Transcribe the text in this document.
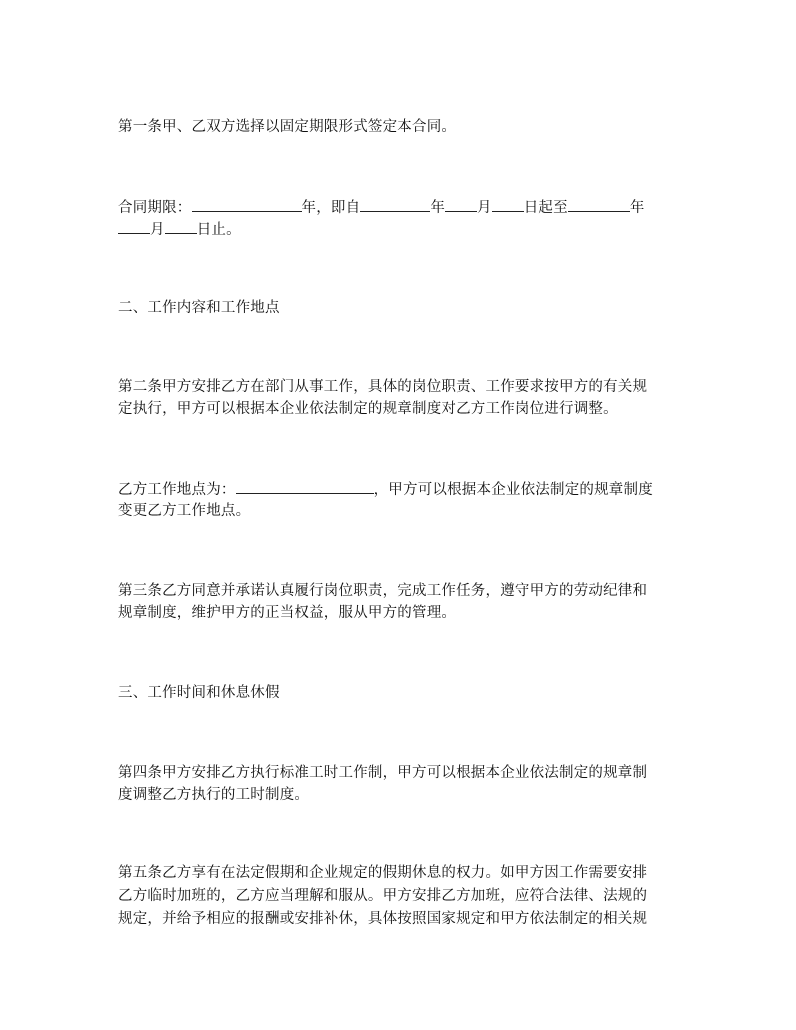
第一条甲、乙双方选择以固定期限形式签定本合同。
合同期限：	年，即自	年 月 日起至	年
月 日止。
二、工作内容和工作地点
第二条甲方安排乙方在部门从事工作，具体的岗位职责、工作要求按甲方的有关规
定执行，甲方可以根据本企业依法制定的规章制度对乙方工作岗位进行调整。
乙方工作地点为：	，甲方可以根据本企业依法制定的规章制度
变更乙方工作地点。
第三条乙方同意并承诺认真履行岗位职责，完成工作任务，遵守甲方的劳动纪律和
规章制度，维护甲方的正当权益，服从甲方的管理。
三、工作时间和休息休假
第四条甲方安排乙方执行标准工时工作制，甲方可以根据本企业依法制定的规章制
度调整乙方执行的工时制度。
第五条乙方享有在法定假期和企业规定的假期休息的权力。如甲方因工作需要安排
乙方临时加班的，乙方应当理解和服从。甲方安排乙方加班，应符合法律、法规的
规定，并给予相应的报酬或安排补休，具体按照国家规定和甲方依法制定的相关规
